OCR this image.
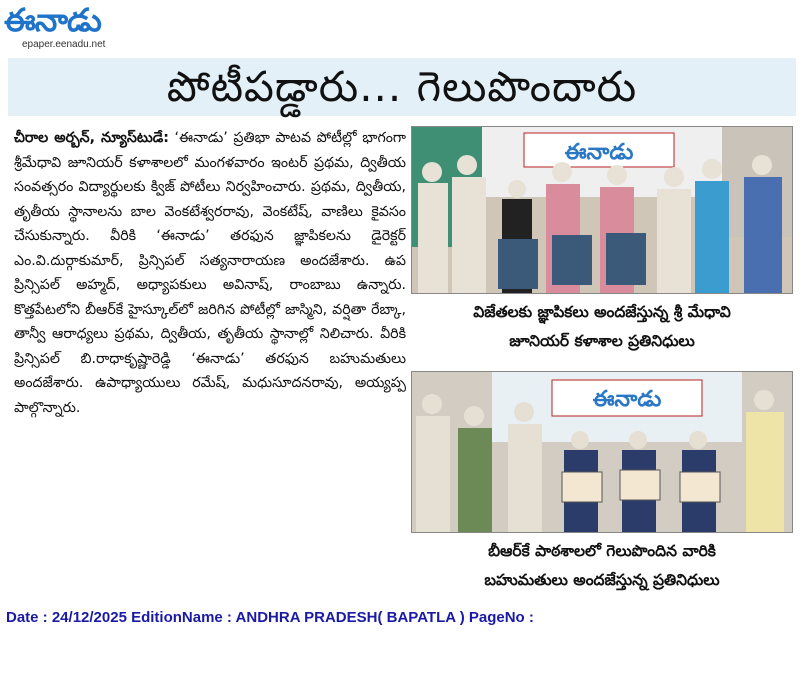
ఈనాడు
epaper.eenadu.net
పోటీపడ్డారు... గెలుపొందారు
చీరాల అర్బన్, న్యూస్‌టుడే: ‘ఈనాడు’ ప్రతిభా పాటవ పోటీల్లో భాగంగా శ్రీమేధావి జూనియర్ కళాశాలలో మంగళవారం ఇంటర్ ప్రథమ, ద్వితీయ సంవత్సరం విద్యార్థులకు క్విజ్ పోటీలు నిర్వహించారు. ప్రథమ, ద్వితీయ, తృతీయ స్థానాలను బాల వెంకటేశ్వరరావు, వెంకటేష్, వాణిలు కైవసం చేసుకున్నారు. వీరికి ‘ఈనాడు’ తరఫున జ్ఞాపికలను డైరెక్టర్ ఎం.వి.దుర్గాకుమార్, ప్రిన్సిపల్ సత్యనారాయణ అందజేశారు. ఉప ప్రిన్సిపల్ అహ్మద్, అధ్యాపకులు అవినాష్, రాంబాబు ఉన్నారు. కొత్తపేటలోని బీఆర్‌కే హైస్కూల్‌లో జరిగిన పోటీల్లో జాస్మిని, వర్షితా రేబ్కా, తాన్వీ ఆరాధ్యలు ప్రథమ, ద్వితీయ, తృతీయ స్థానాల్లో నిలిచారు. వీరికి ప్రిన్సిపల్ బి.రాధాకృష్ణారెడ్డి ‘ఈనాడు’ తరఫున బహుమతులు అందజేశారు. ఉపాధ్యాయులు రమేష్, మధుసూదనరావు, అయ్యప్ప పాల్గొన్నారు.
ఈనాడు
విజేతలకు జ్ఞాపికలు అందజేస్తున్న శ్రీ మేధావి
జూనియర్ కళాశాల ప్రతినిధులు
ఈనాడు
బీఆర్‌కే పాఠశాలలో గెలుపొందిన వారికి
బహుమతులు అందజేస్తున్న ప్రతినిధులు
Date : 24/12/2025 EditionName : ANDHRA PRADESH( BAPATLA ) PageNo :
